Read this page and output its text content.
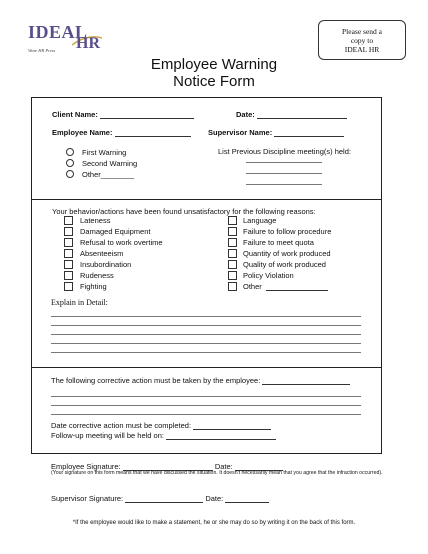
IDEAL
HR
Ware HR Press
Please send a
copy to
IDEAL HR
Employee Warning
Notice Form
Client Name:	Date:
Employee Name:	Supervisor Name:
First Warning
Second Warning
Other________
List Previous Discipline meeting(s) held:
Your behavior/actions have been found unsatisfactory for the following reasons:
Lateness
Damaged Equipment
Refusal to work overtime
Absenteeism
Insubordination
Rudeness
Fighting
Language
Failure to follow procedure
Failure to meet quota
Quantity of work produced
Quality of work produced
Policy Violation
Other
Explain in Detail:
The following corrective action must be taken by the employee:
Date corrective action must be completed:
Follow-up meeting will be held on:
Employee Signature:	Date:
(Your signature on this form means that we have discussed the situation. It doesn't necessarily mean that you agree that the infraction occurred).
Supervisor Signature:	Date:
*If the employee would like to make a statement, he or she may do so by writing it on the back of this form.
